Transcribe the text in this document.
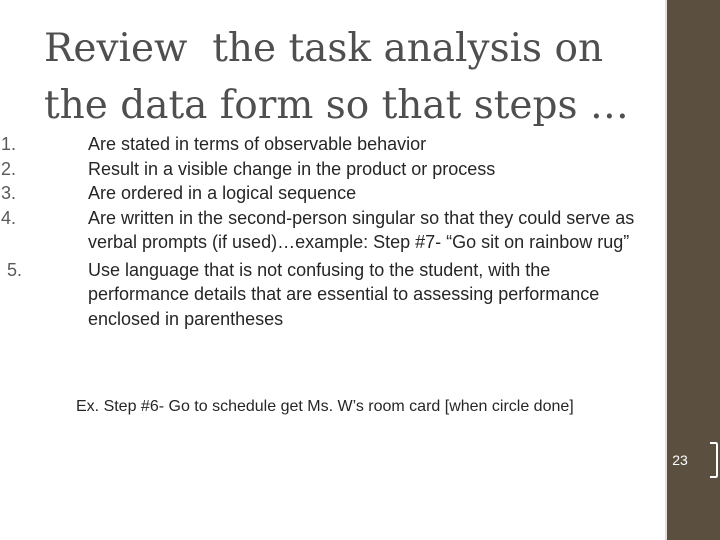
Review  the task analysis on
the data form so that steps …
1.	Are stated in terms of observable behavior
2.	Result in a visible change in the product or process
3.	Are ordered in a logical sequence
4.	Are written in the second-person singular so that they could serve as verbal prompts (if used)…example: Step #7- “Go sit on rainbow rug”
5.	Use language that is not confusing to the student, with the performance details that are essential to assessing performance enclosed in parentheses

Ex. Step #6- Go to schedule get Ms. W’s room card [when circle done]

23
